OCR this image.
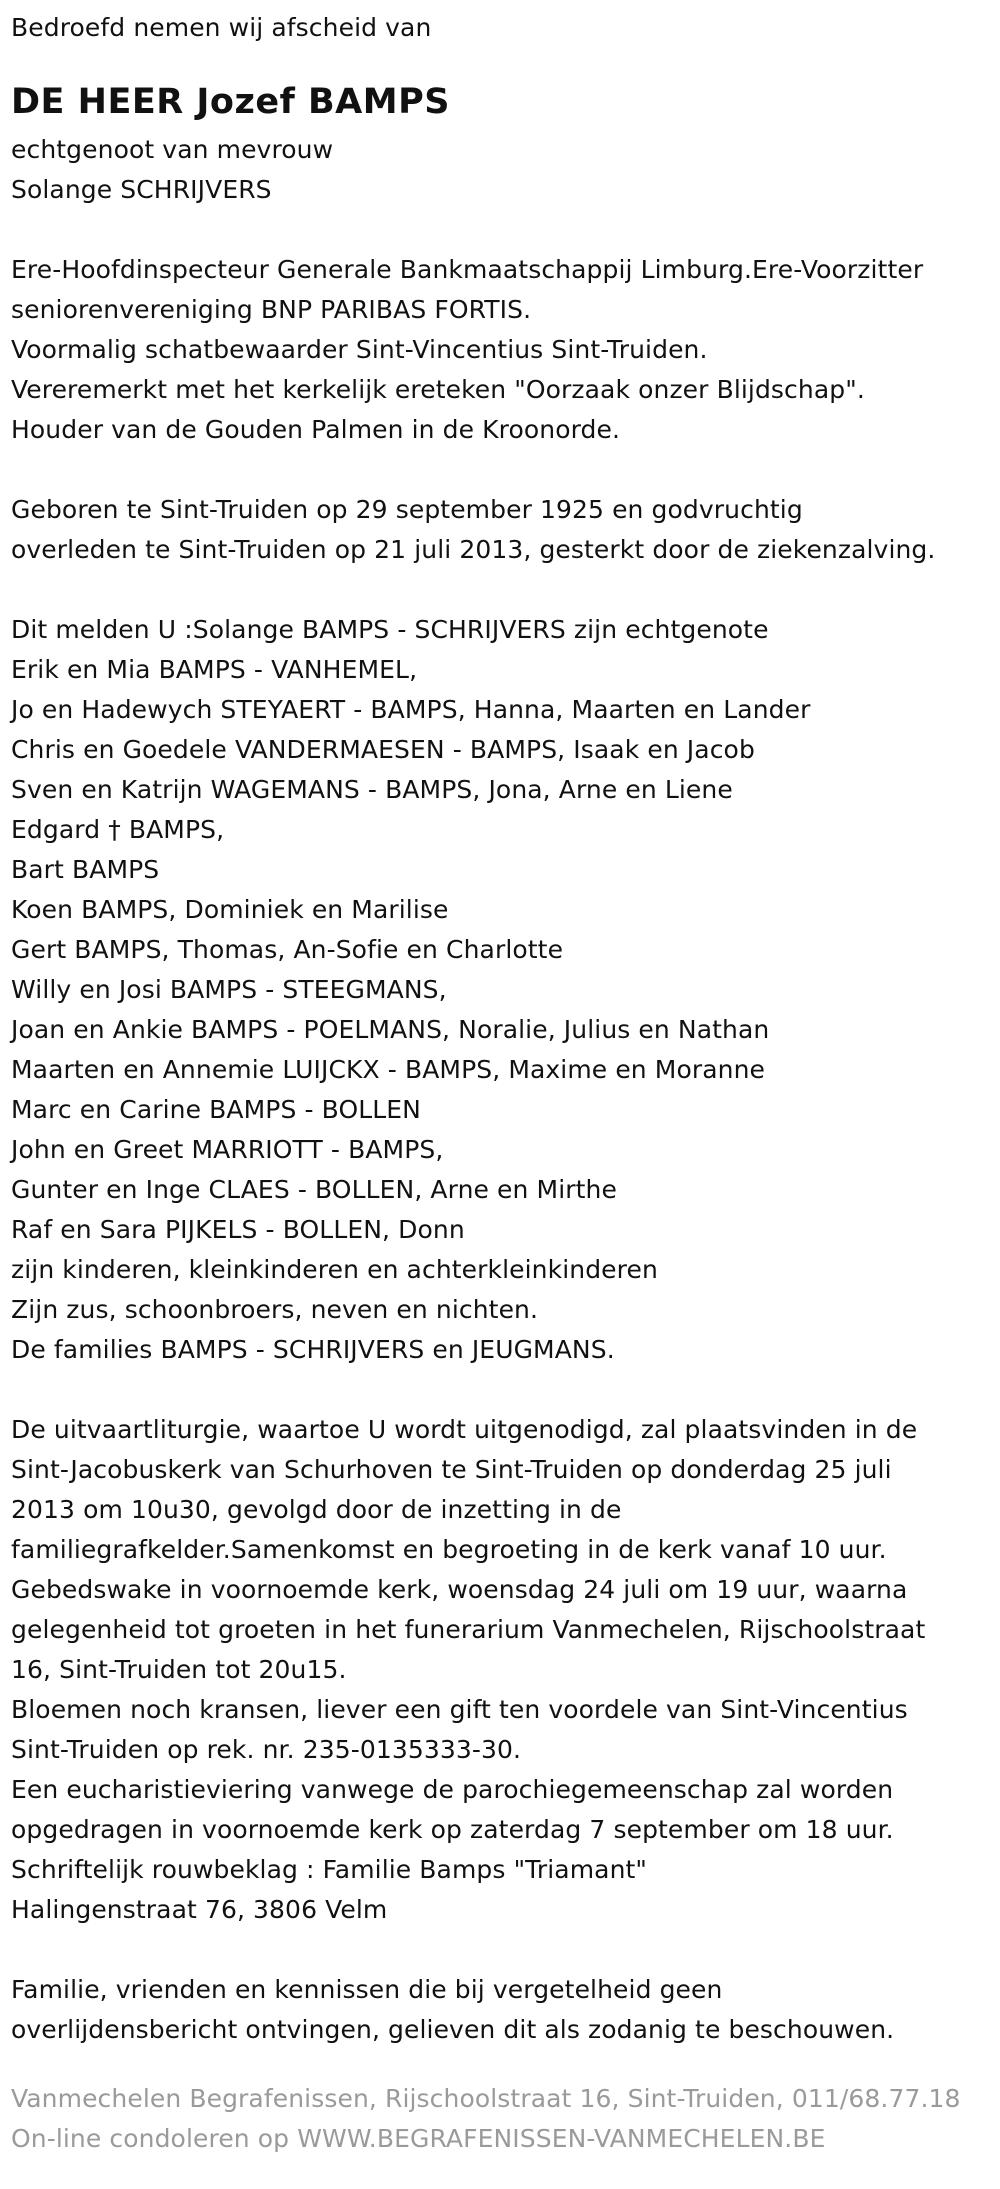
Bedroefd nemen wij afscheid van
DE HEER Jozef BAMPS
echtgenoot van mevrouw
Solange SCHRIJVERS
Ere-Hoofdinspecteur Generale Bankmaatschappij Limburg.Ere-Voorzitter
seniorenvereniging BNP PARIBAS FORTIS.
Voormalig schatbewaarder Sint-Vincentius Sint-Truiden.
Vereremerkt met het kerkelijk ereteken "Oorzaak onzer Blijdschap".
Houder van de Gouden Palmen in de Kroonorde.
Geboren te Sint-Truiden op 29 september 1925 en godvruchtig
overleden te Sint-Truiden op 21 juli 2013, gesterkt door de ziekenzalving.
Dit melden U :Solange BAMPS - SCHRIJVERS zijn echtgenote
Erik en Mia BAMPS - VANHEMEL,
Jo en Hadewych STEYAERT - BAMPS, Hanna, Maarten en Lander
Chris en Goedele VANDERMAESEN - BAMPS, Isaak en Jacob
Sven en Katrijn WAGEMANS - BAMPS, Jona, Arne en Liene
Edgard † BAMPS,
Bart BAMPS
Koen BAMPS, Dominiek en Marilise
Gert BAMPS, Thomas, An-Sofie en Charlotte
Willy en Josi BAMPS - STEEGMANS,
Joan en Ankie BAMPS - POELMANS, Noralie, Julius en Nathan
Maarten en Annemie LUIJCKX - BAMPS, Maxime en Moranne
Marc en Carine BAMPS - BOLLEN
John en Greet MARRIOTT - BAMPS,
Gunter en Inge CLAES - BOLLEN, Arne en Mirthe
Raf en Sara PIJKELS - BOLLEN, Donn
zijn kinderen, kleinkinderen en achterkleinkinderen
Zijn zus, schoonbroers, neven en nichten.
De families BAMPS - SCHRIJVERS en JEUGMANS.
De uitvaartliturgie, waartoe U wordt uitgenodigd, zal plaatsvinden in de
Sint-Jacobuskerk van Schurhoven te Sint-Truiden op donderdag 25 juli
2013 om 10u30, gevolgd door de inzetting in de
familiegrafkelder.Samenkomst en begroeting in de kerk vanaf 10 uur.
Gebedswake in voornoemde kerk, woensdag 24 juli om 19 uur, waarna
gelegenheid tot groeten in het funerarium Vanmechelen, Rijschoolstraat
16, Sint-Truiden tot 20u15.
Bloemen noch kransen, liever een gift ten voordele van Sint-Vincentius
Sint-Truiden op rek. nr. 235-0135333-30.
Een eucharistieviering vanwege de parochiegemeenschap zal worden
opgedragen in voornoemde kerk op zaterdag 7 september om 18 uur.
Schriftelijk rouwbeklag : Familie Bamps "Triamant"
Halingenstraat 76, 3806 Velm
Familie, vrienden en kennissen die bij vergetelheid geen
overlijdensbericht ontvingen, gelieven dit als zodanig te beschouwen.
Vanmechelen Begrafenissen, Rijschoolstraat 16, Sint-Truiden, 011/68.77.18
On-line condoleren op WWW.BEGRAFENISSEN-VANMECHELEN.BE
